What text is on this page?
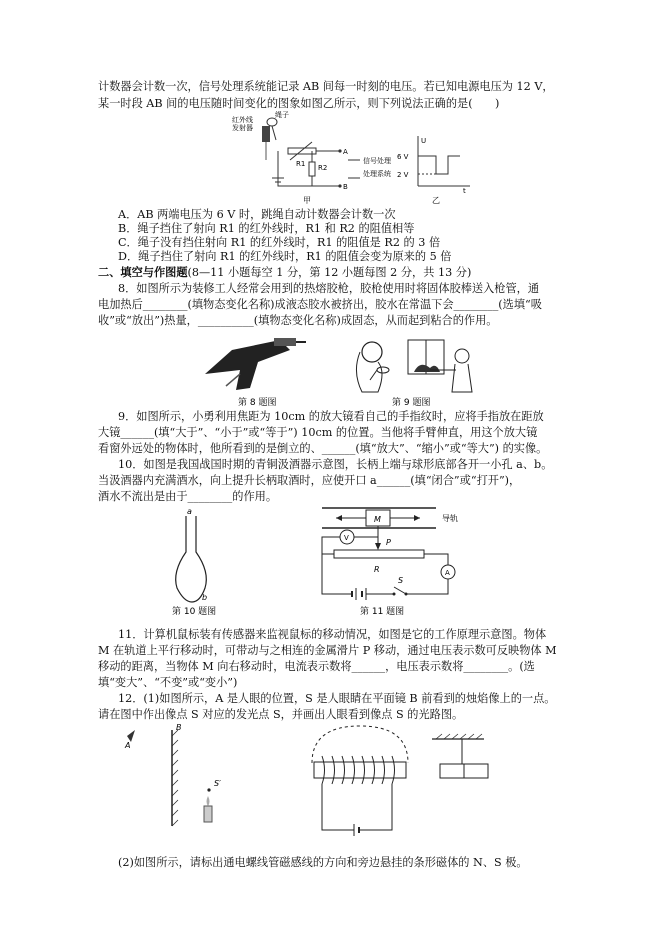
计数器会计数一次，信号处理系统能记录 AB 间每一时刻的电压。若已知电源电压为 12 V，
某一时段 AB 间的电压随时间变化的图象如图乙所示，则下列说法正确的是(　　)
红外线
发射器
绳子
R1 R2
A
B
信号处理
处理系统
甲
U
6 V
2 V
t
乙
A．AB 两端电压为 6 V 时，跳绳自动计数器会计数一次
B．绳子挡住了射向 R1 的红外线时，R1 和 R2 的阻值相等
C．绳子没有挡住射向 R1 的红外线时，R1 的阻值是 R2 的 3 倍
D．绳子挡住了射向 R1 的红外线时，R1 的阻值会变为原来的 5 倍
二、填空与作图题(8—11 小题每空 1 分，第 12 小题每图 2 分，共 13 分)
8．如图所示为装修工人经常会用到的热熔胶枪，胶枪使用时将固体胶棒送入枪管，通
电加热后________(填物态变化名称)成液态胶水被挤出，胶水在常温下会________(选填“吸
收”或“放出”)热量，__________(填物态变化名称)成固态，从而起到粘合的作用。
第 8 题图	第 9 题图
9．如图所示，小勇利用焦距为 10cm 的放大镜看自己的手指纹时，应将手指放在距放
大镜______(填“大于”、“小于”或“等于”) 10cm 的位置。当他将手臂伸直，用这个放大镜
看窗外远处的物体时，他所看到的是倒立的、______(填“放大”、“缩小”或“等大”) 的实像。
10．如图是我国战国时期的青铜汲酒器示意图，长柄上端与球形底部各开一小孔 a、b。
当汲酒器内充满酒水，向上提升长柄取酒时，应使开口 a______(填“闭合”或“打开”)，
酒水不流出是由于________的作用。
a
b
第 10 题图
导轨
M
P
R
V
A
S
第 11 题图
11．计算机鼠标装有传感器来监视鼠标的移动情况，如图是它的工作原理示意图。物体
M 在轨道上平行移动时，可带动与之相连的金属滑片 P 移动，通过电压表示数可反映物体 M
移动的距离，当物体 M 向右移动时，电流表示数将______，电压表示数将________。(选
填“变大”、“不变”或“变小”)
12．(1)如图所示，A 是人眼的位置，S 是人眼睛在平面镜 B 前看到的烛焰像上的一点。
请在图中作出像点 S 对应的发光点 S，并画出人眼看到像点 S 的光路图。
A
B
S′
(2)如图所示，请标出通电螺线管磁感线的方向和旁边悬挂的条形磁体的 N、S 极。
